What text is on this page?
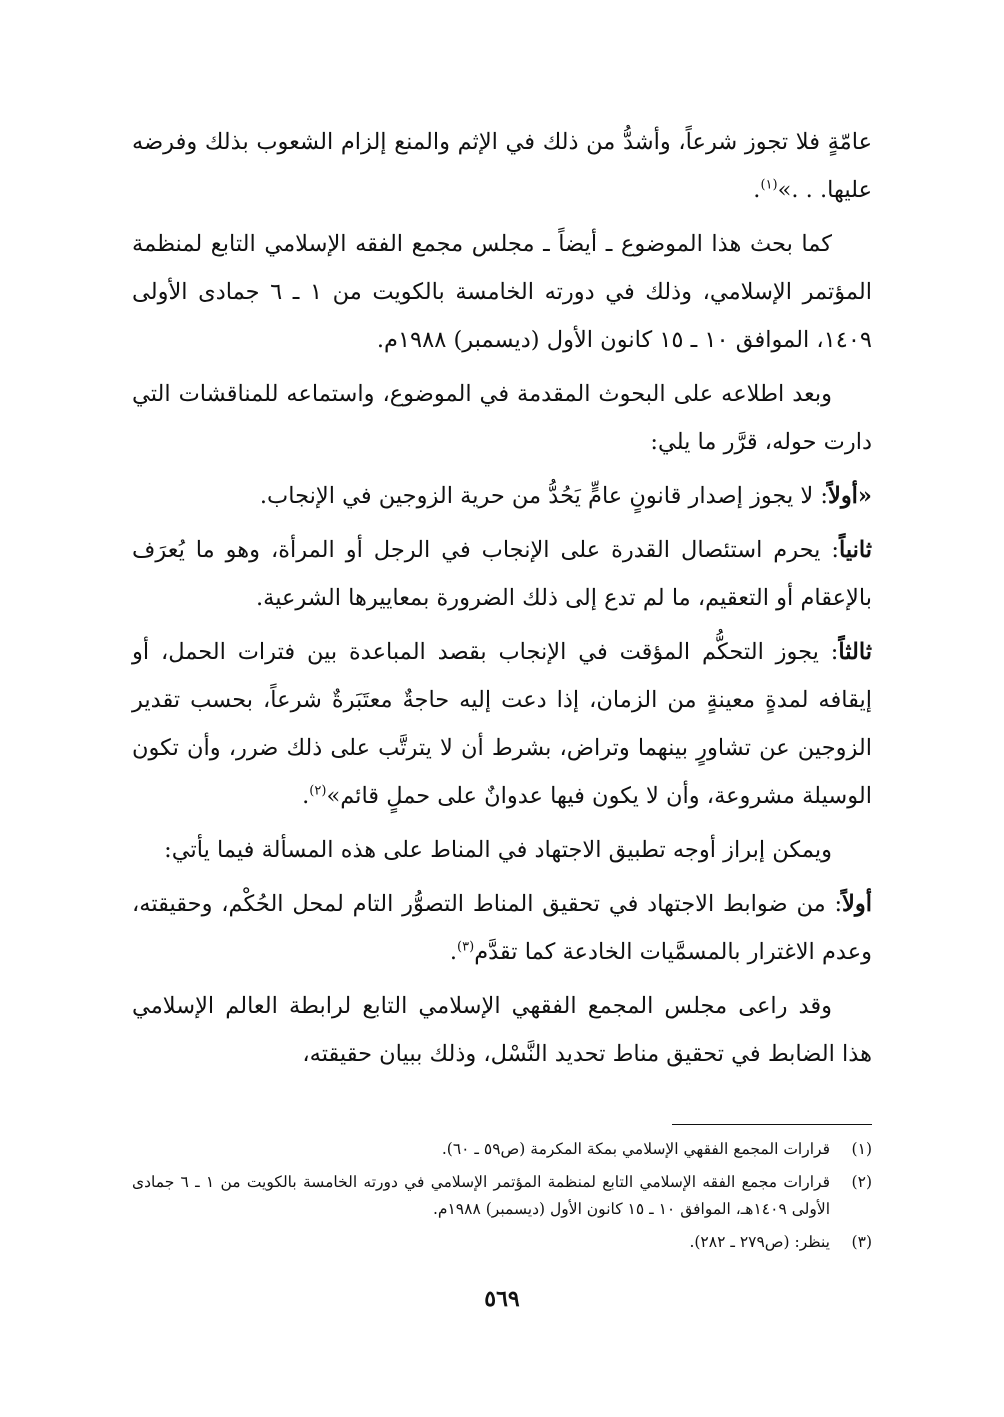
عامّةٍ فلا تجوز شرعاً، وأشدُّ من ذلك في الإثم والمنع إلزام الشعوب بذلك وفرضه عليها. . .»$^{(١)}$.

كما بحث هذا الموضوع ـ أيضاً ـ مجلس مجمع الفقه الإسلامي التابع لمنظمة المؤتمر الإسلامي، وذلك في دورته الخامسة بالكويت من ١ ـ ٦ جمادى الأولى ١٤٠٩، الموافق ١٠ ـ ١٥ كانون الأول (ديسمبر) ١٩٨٨م.

وبعد اطلاعه على البحوث المقدمة في الموضوع، واستماعه للمناقشات التي دارت حوله، قرَّر ما يلي:

«أولاً: لا يجوز إصدار قانونٍ عامٍّ يَحُدُّ من حرية الزوجين في الإنجاب.

ثانياً: يحرم استئصال القدرة على الإنجاب في الرجل أو المرأة، وهو ما يُعرَف بالإعقام أو التعقيم، ما لم تدع إلى ذلك الضرورة بمعاييرها الشرعية.

ثالثاً: يجوز التحكُّم المؤقت في الإنجاب بقصد المباعدة بين فترات الحمل، أو إيقافه لمدةٍ معينةٍ من الزمان، إذا دعت إليه حاجةٌ معتَبَرةٌ شرعاً، بحسب تقدير الزوجين عن تشاورٍ بينهما وتراض، بشرط أن لا يترتَّب على ذلك ضرر، وأن تكون الوسيلة مشروعة، وأن لا يكون فيها عدوانٌ على حملٍ قائم»$^{(٢)}$.

ويمكن إبراز أوجه تطبيق الاجتهاد في المناط على هذه المسألة فيما يأتي:

أولاً: من ضوابط الاجتهاد في تحقيق المناط التصوُّر التام لمحل الحُكْم، وحقيقته، وعدم الاغترار بالمسمَّيات الخادعة كما تقدَّم$^{(٣)}$.

وقد راعى مجلس المجمع الفقهي الإسلامي التابع لرابطة العالم الإسلامي هذا الضابط في تحقيق مناط تحديد النَّسْل، وذلك ببيان حقيقته،

(١)
قرارات المجمع الفقهي الإسلامي بمكة المكرمة (ص٥٩ ـ ٦٠).
(٢)
قرارات مجمع الفقه الإسلامي التابع لمنظمة المؤتمر الإسلامي في دورته الخامسة بالكويت من ١ ـ ٦ جمادى الأولى ١٤٠٩هـ، الموافق ١٠ ـ ١٥ كانون الأول (ديسمبر) ١٩٨٨م.
(٣)
ينظر: (ص٢٧٩ ـ ٢٨٢).
٥٦٩
